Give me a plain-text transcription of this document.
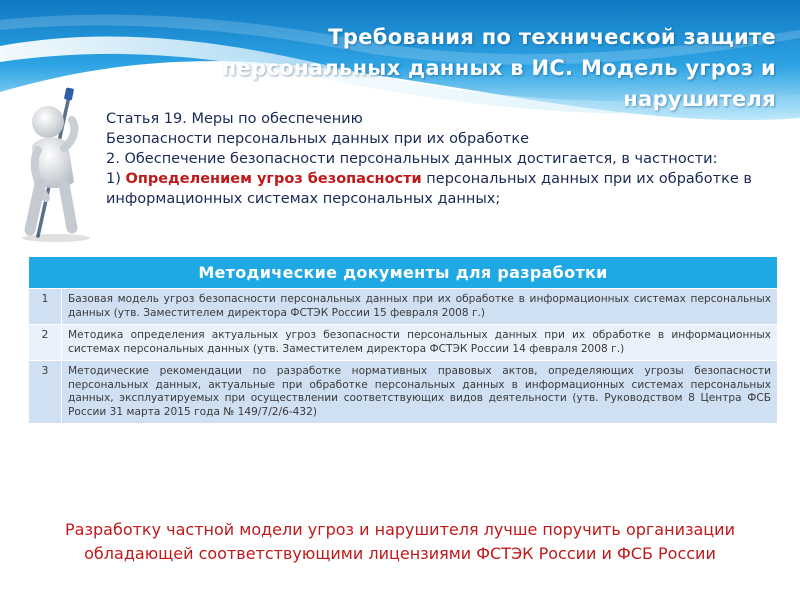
Требования по технической защите персональных данных в ИС. Модель угроз и нарушителя

Статья 19. Меры по обеспечению

Безопасности персональных данных при их обработке

2. Обеспечение безопасности персональных данных достигается, в частности:

1) Определением угроз безопасности персональных данных при их обработке в информационных системах персональных данных;

Методические документы для разработки	
1	Базовая модель угроз безопасности персональных данных при их обработке в информационных системах персональных данных (утв. Заместителем директора ФСТЭК России 15 февраля 2008 г.)
2	Методика определения актуальных угроз безопасности персональных данных при их обработке в информационных системах персональных данных (утв. Заместителем директора ФСТЭК России 14 февраля 2008 г.)
3	Методические рекомендации по разработке нормативных правовых актов, определяющих угрозы безопасности персональных данных, актуальные при обработке персональных данных в информационных системах персональных данных, эксплуатируемых при осуществлении соответствующих видов деятельности (утв. Руководством 8 Центра ФСБ России 31 марта 2015 года № 149/7/2/6-432)
Разработку частной модели угроз и нарушителя лучше поручить организации обладающей соответствующими лицензиями ФСТЭК России и ФСБ России
